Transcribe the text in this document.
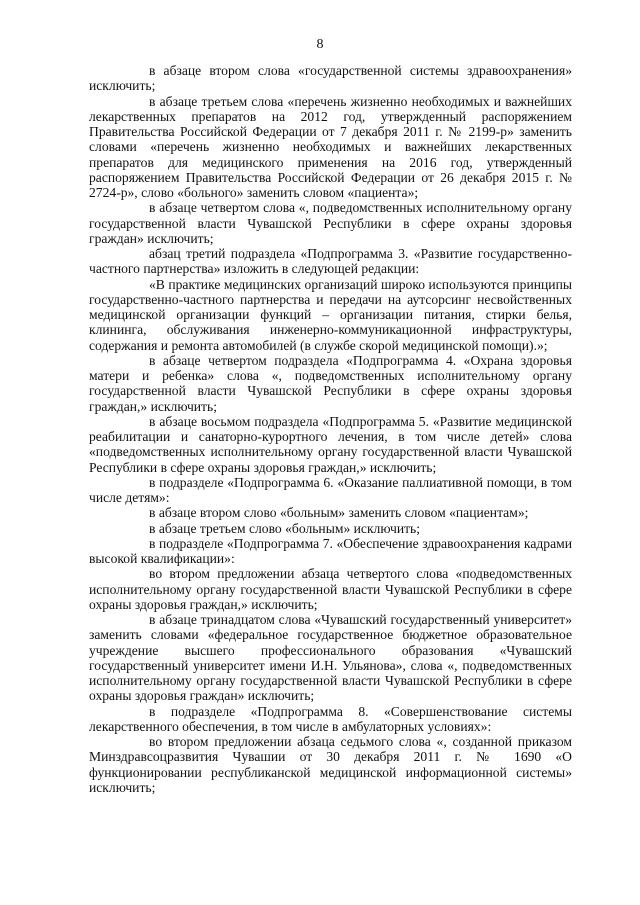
8

в абзаце втором слова «государственной системы здравоохранения» исключить;

в абзаце третьем слова «перечень жизненно необходимых и важнейших лекарственных препаратов на 2012 год, утвержденный распоряжением Правительства Российской Федерации от 7 декабря 2011 г. № 2199-р» заменить словами «перечень жизненно необходимых и важнейших лекарственных препаратов для медицинского применения на 2016 год, утвержденный распоряжением Правительства Российской Федерации от 26 декабря 2015 г. № 2724-р», слово «больного» заменить словом «пациента»;

в абзаце четвертом слова «, подведомственных исполнительному органу государственной власти Чувашской Республики в сфере охраны здоровья граждан» исключить;

абзац третий подраздела «Подпрограмма 3. «Развитие государственно-частного партнерства» изложить в следующей редакции:

«В практике медицинских организаций широко используются принципы государственно-частного партнерства и передачи на аутсорсинг несвойственных медицинской организации функций – организации питания, стирки белья, клининга, обслуживания инженерно-коммуникационной инфраструктуры, содержания и ремонта автомобилей (в службе скорой медицинской помощи).»;

в абзаце четвертом подраздела «Подпрограмма 4. «Охрана здоровья матери и ребенка» слова «, подведомственных исполнительному органу государственной власти Чувашской Республики в сфере охраны здоровья граждан,» исключить;

в абзаце восьмом подраздела «Подпрограмма 5. «Развитие медицинской реабилитации и санаторно-курортного лечения, в том числе детей» слова «подведомственных исполнительному органу государственной власти Чувашской Республики в сфере охраны здоровья граждан,» исключить;

в подразделе «Подпрограмма 6. «Оказание паллиативной помощи, в том числе детям»:

в абзаце втором слово «больным» заменить словом «пациентам»;

в абзаце третьем слово «больным» исключить;

в подразделе «Подпрограмма 7. «Обеспечение здравоохранения кадрами высокой квалификации»:

во втором предложении абзаца четвертого слова «подведомственных исполнительному органу государственной власти Чувашской Республики в сфере охраны здоровья граждан,» исключить;

в абзаце тринадцатом слова «Чувашский государственный университет» заменить словами «федеральное государственное бюджетное образовательное учреждение высшего профессионального образования «Чувашский государственный университет имени И.Н. Ульянова», слова «, подведомственных исполнительному органу государственной власти Чувашской Республики в сфере охраны здоровья граждан» исключить;

в подразделе «Подпрограмма 8. «Совершенствование системы лекарственного обеспечения, в том числе в амбулаторных условиях»:

во втором предложении абзаца седьмого слова «, созданной приказом Минздравсоцразвития Чувашии от 30 декабря 2011 г. № 1690 «О функционировании республиканской медицинской информационной системы» исключить;
